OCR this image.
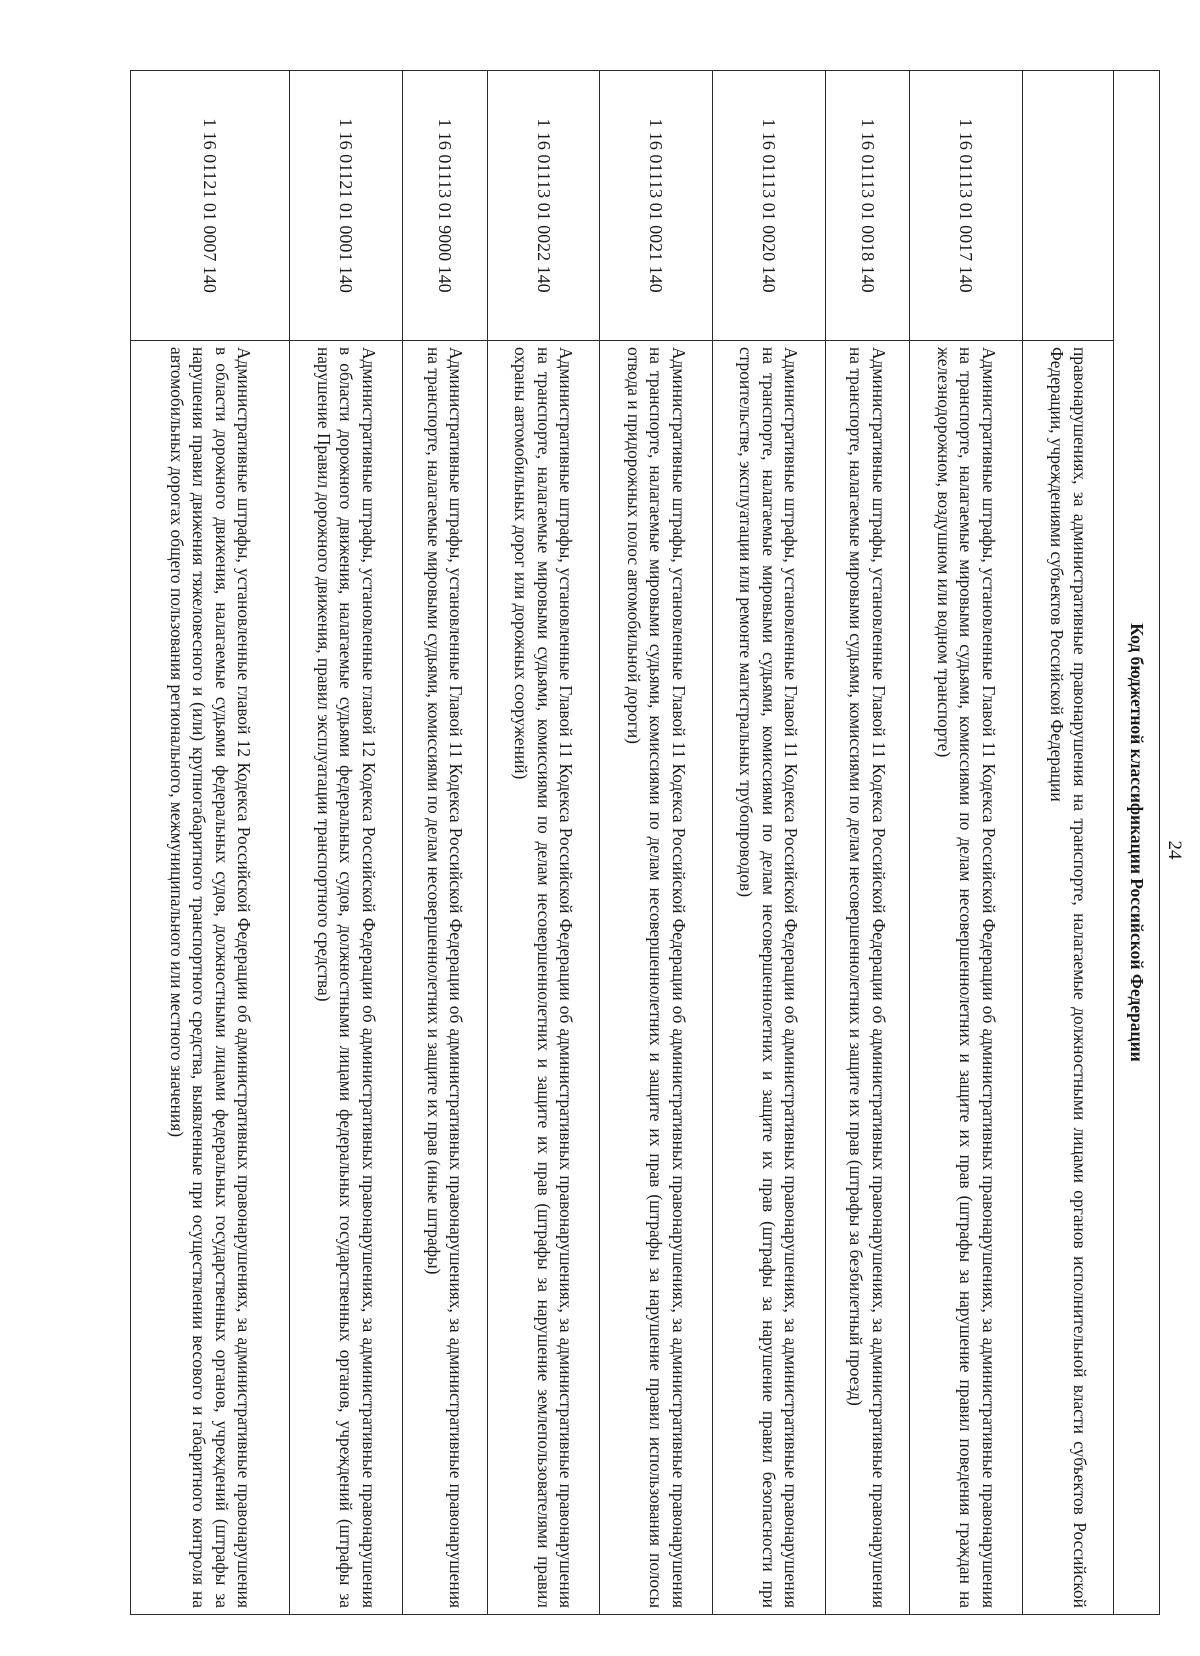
24
Код бюджетной классификации Российской Федерации	
	правонарушениях, за административные правонарушения на транспорте, налагаемые должностными лицами органов исполнительной власти субъектов Российской Федерации, учреждениями субъектов Российской Федерации
1 16 01113 01 0017 140	Административные штрафы, установленные Главой 11 Кодекса Российской Федерации об административных правонарушениях, за административные правонарушения на транспорте, налагаемые мировыми судьями, комиссиями по делам несовершеннолетних и защите их прав (штрафы за нарушение правил поведения граждан на железнодорожном, воздушном или водном транспорте)
1 16 01113 01 0018 140	Административные штрафы, установленные Главой 11 Кодекса Российской Федерации об административных правонарушениях, за административные правонарушения на транспорте, налагаемые мировыми судьями, комиссиями по делам несовершеннолетних и защите их прав (штрафы за безбилетный проезд)
1 16 01113 01 0020 140	Административные штрафы, установленные Главой 11 Кодекса Российской Федерации об административных правонарушениях, за административные правонарушения на транспорте, налагаемые мировыми судьями, комиссиями по делам несовершеннолетних и защите их прав (штрафы за нарушение правил безопасности при строительстве, эксплуатации или ремонте магистральных трубопроводов)
1 16 01113 01 0021 140	Административные штрафы, установленные Главой 11 Кодекса Российской Федерации об административных правонарушениях, за административные правонарушения на транспорте, налагаемые мировыми судьями, комиссиями по делам несовершеннолетних и защите их прав (штрафы за нарушение правил использования полосы отвода и придорожных полос автомобильной дороги)
1 16 01113 01 0022 140	Административные штрафы, установленные Главой 11 Кодекса Российской Федерации об административных правонарушениях, за административные правонарушения на транспорте, налагаемые мировыми судьями, комиссиями по делам несовершеннолетних и защите их прав (штрафы за нарушение землепользователями правил охраны автомобильных дорог или дорожных сооружений)
1 16 01113 01 9000 140	Административные штрафы, установленные Главой 11 Кодекса Российской Федерации об административных правонарушениях, за административные правонарушения на транспорте, налагаемые мировыми судьями, комиссиями по делам несовершеннолетних и защите их прав (иные штрафы)
1 16 01121 01 0001 140	Административные штрафы, установленные главой 12 Кодекса Российской Федерации об административных правонарушениях, за административные правонарушения в области дорожного движения, налагаемые судьями федеральных судов, должностными лицами федеральных государственных органов, учреждений (штрафы за нарушение Правил дорожного движения, правил эксплуатации транспортного средства)
1 16 01121 01 0007 140	Административные штрафы, установленные главой 12 Кодекса Российской Федерации об административных правонарушениях, за административные правонарушения в области дорожного движения, налагаемые судьями федеральных судов, должностными лицами федеральных государственных органов, учреждений (штрафы за нарушения правил движения тяжеловесного и (или) крупногабаритного транспортного средства, выявленные при осуществлении весового и габаритного контроля на автомобильных дорогах общего пользования регионального, межмуниципального или местного значения)
